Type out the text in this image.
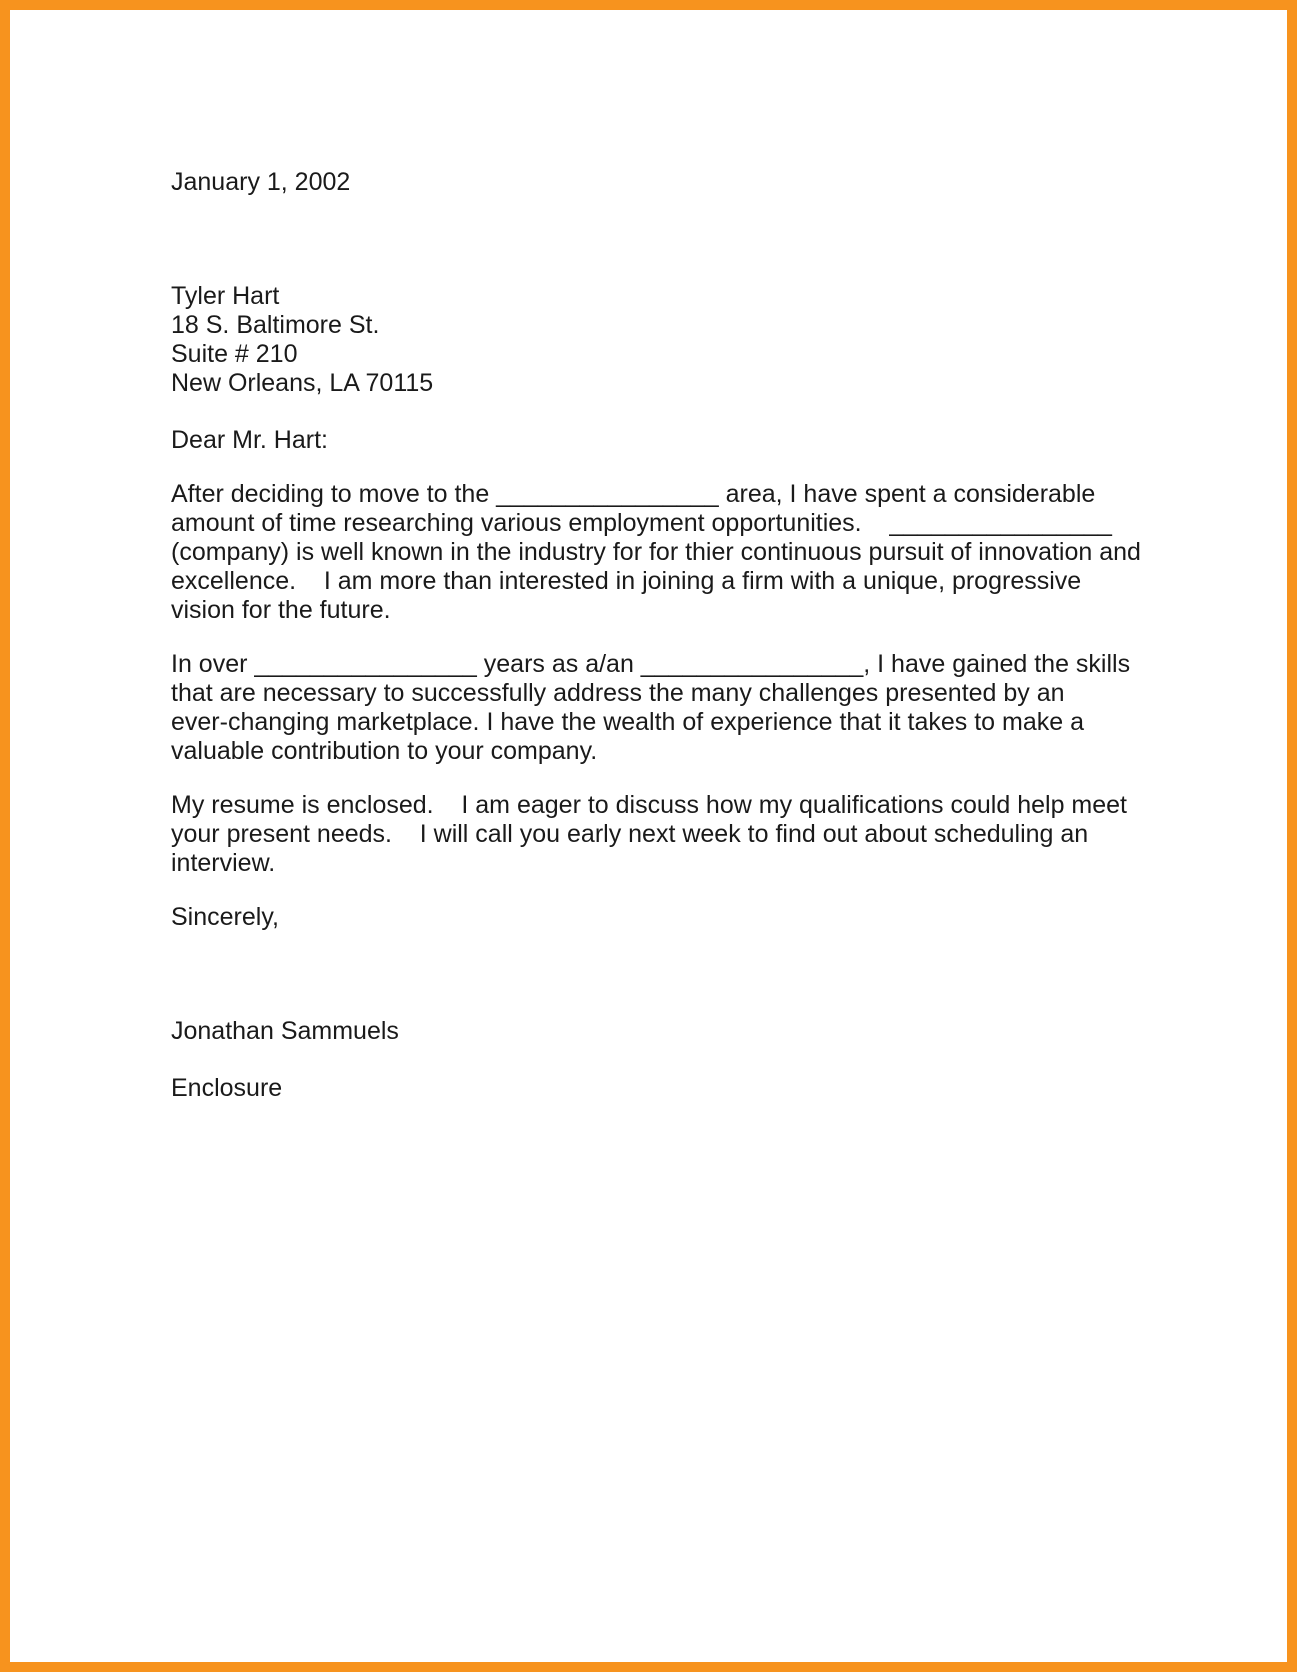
January 1, 2002
Tyler Hart
18 S. Baltimore St.
Suite # 210
New Orleans, LA 70115
Dear Mr. Hart:
After deciding to move to the ________________ area, I have spent a considerable
amount of time researching various employment opportunities.    ________________
(company) is well known in the industry for for thier continuous pursuit of innovation and
excellence.    I am more than interested in joining a firm with a unique, progressive
vision for the future.
In over ________________ years as a/an ________________, I have gained the skills
that are necessary to successfully address the many challenges presented by an
ever-changing marketplace. I have the wealth of experience that it takes to make a
valuable contribution to your company.
My resume is enclosed.    I am eager to discuss how my qualifications could help meet
your present needs.    I will call you early next week to find out about scheduling an
interview.
Sincerely,
Jonathan Sammuels
Enclosure
